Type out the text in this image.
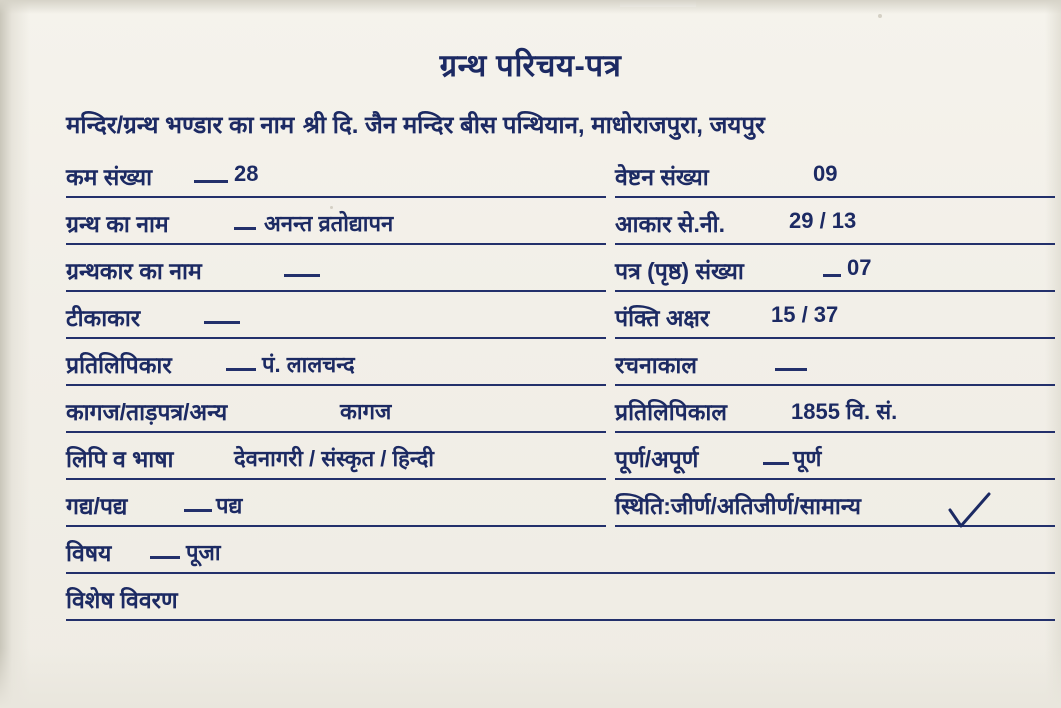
ग्रन्थ परिचय-पत्र
मन्दिर/ग्रन्थ भण्डार का नाम श्री दि. जैन मन्दिर बीस पन्थियान, माधोराजपुरा, जयपुर
कम संख्या	28
ग्रन्थ का नाम	अनन्त व्रतोद्यापन
ग्रन्थकार का नाम
टीकाकार
प्रतिलिपिकार	पं. लालचन्द
कागज/ताड़पत्र/अन्य	कागज
लिपि व भाषा	देवनागरी / संस्कृत / हिन्दी
गद्य/पद्य	पद्य
विषय	पूजा
विशेष विवरण
वेष्टन संख्या	09
आकार से.नी.	29 / 13
पत्र (पृष्ठ) संख्या	07
पंक्ति अक्षर	15 / 37
रचनाकाल
प्रतिलिपिकाल	1855 वि. सं.
पूर्ण/अपूर्ण	पूर्ण
स्थिति:जीर्ण/अतिजीर्ण/सामान्य
